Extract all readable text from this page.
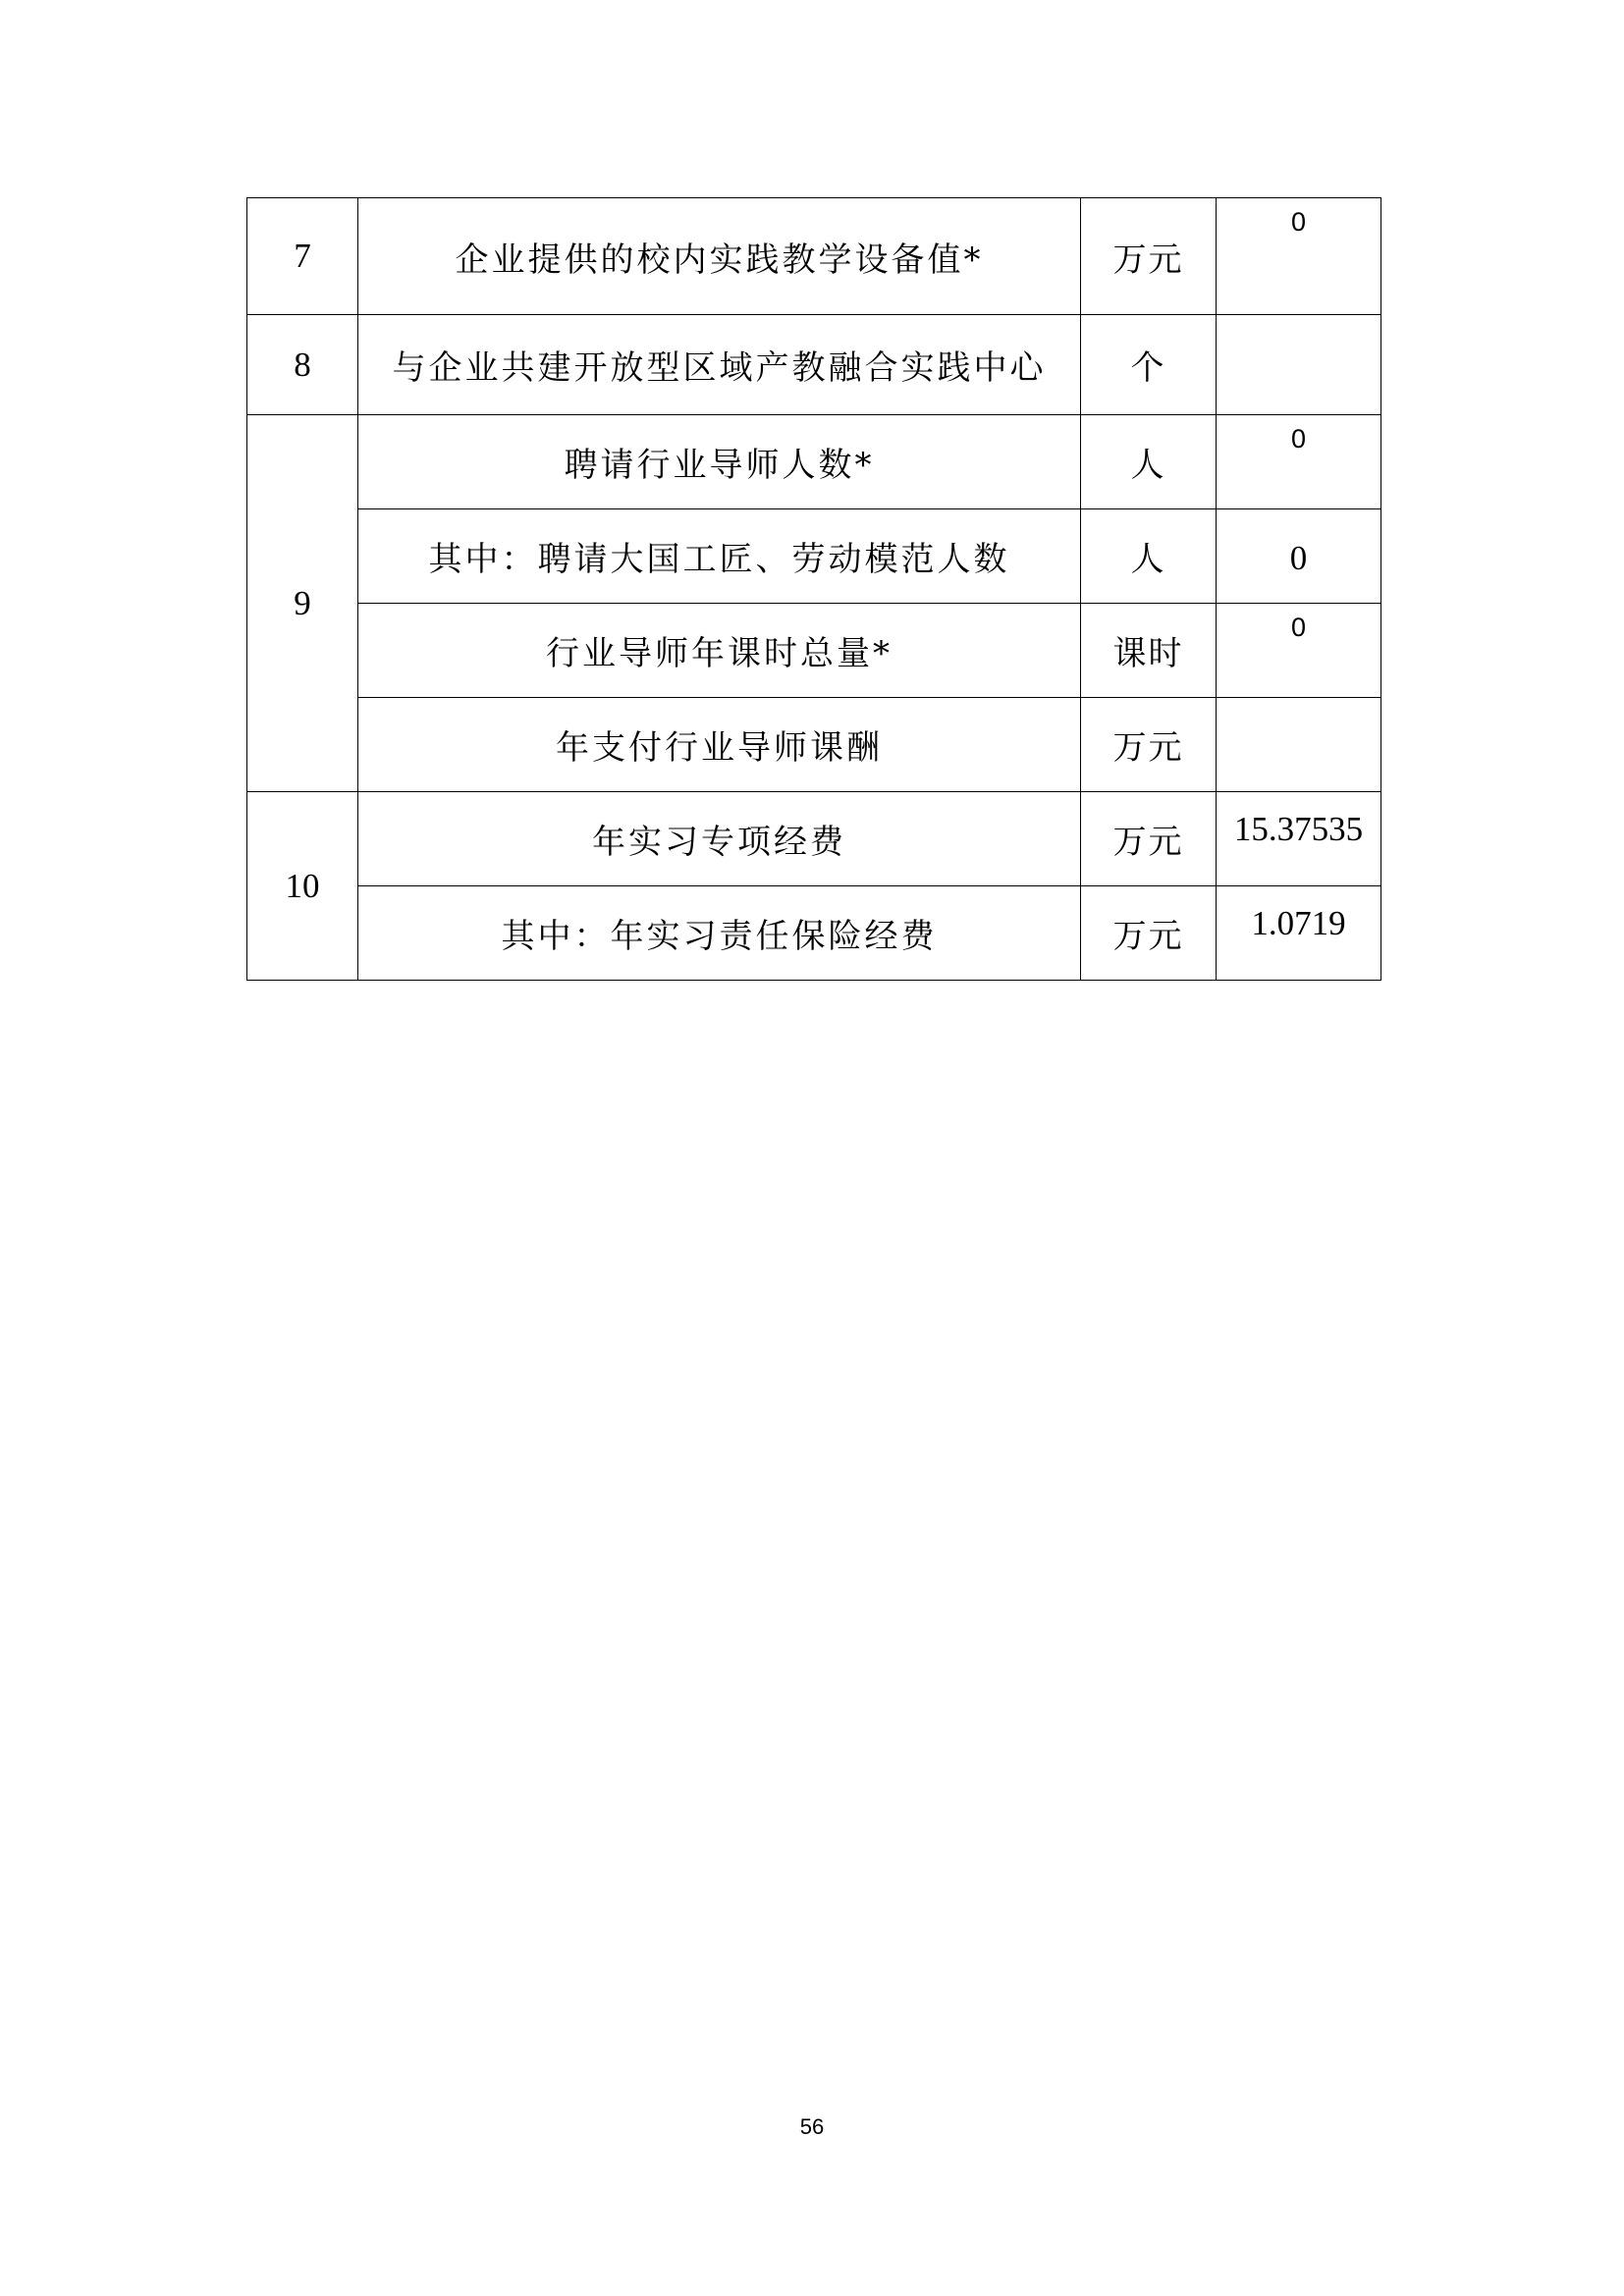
7	企业提供的校内实践教学设备值*	万元	0

8	与企业共建开放型区域产教融合实践中心	个	
9	聘请行业导师人数*	人	0

	其中：聘请大国工匠、劳动模范人数	人	0

	行业导师年课时总量*	课时	0

	年支付行业导师课酬	万元	
10	年实习专项经费	万元	15.37535

	其中：年实习责任保险经费	万元	1.0719
56
